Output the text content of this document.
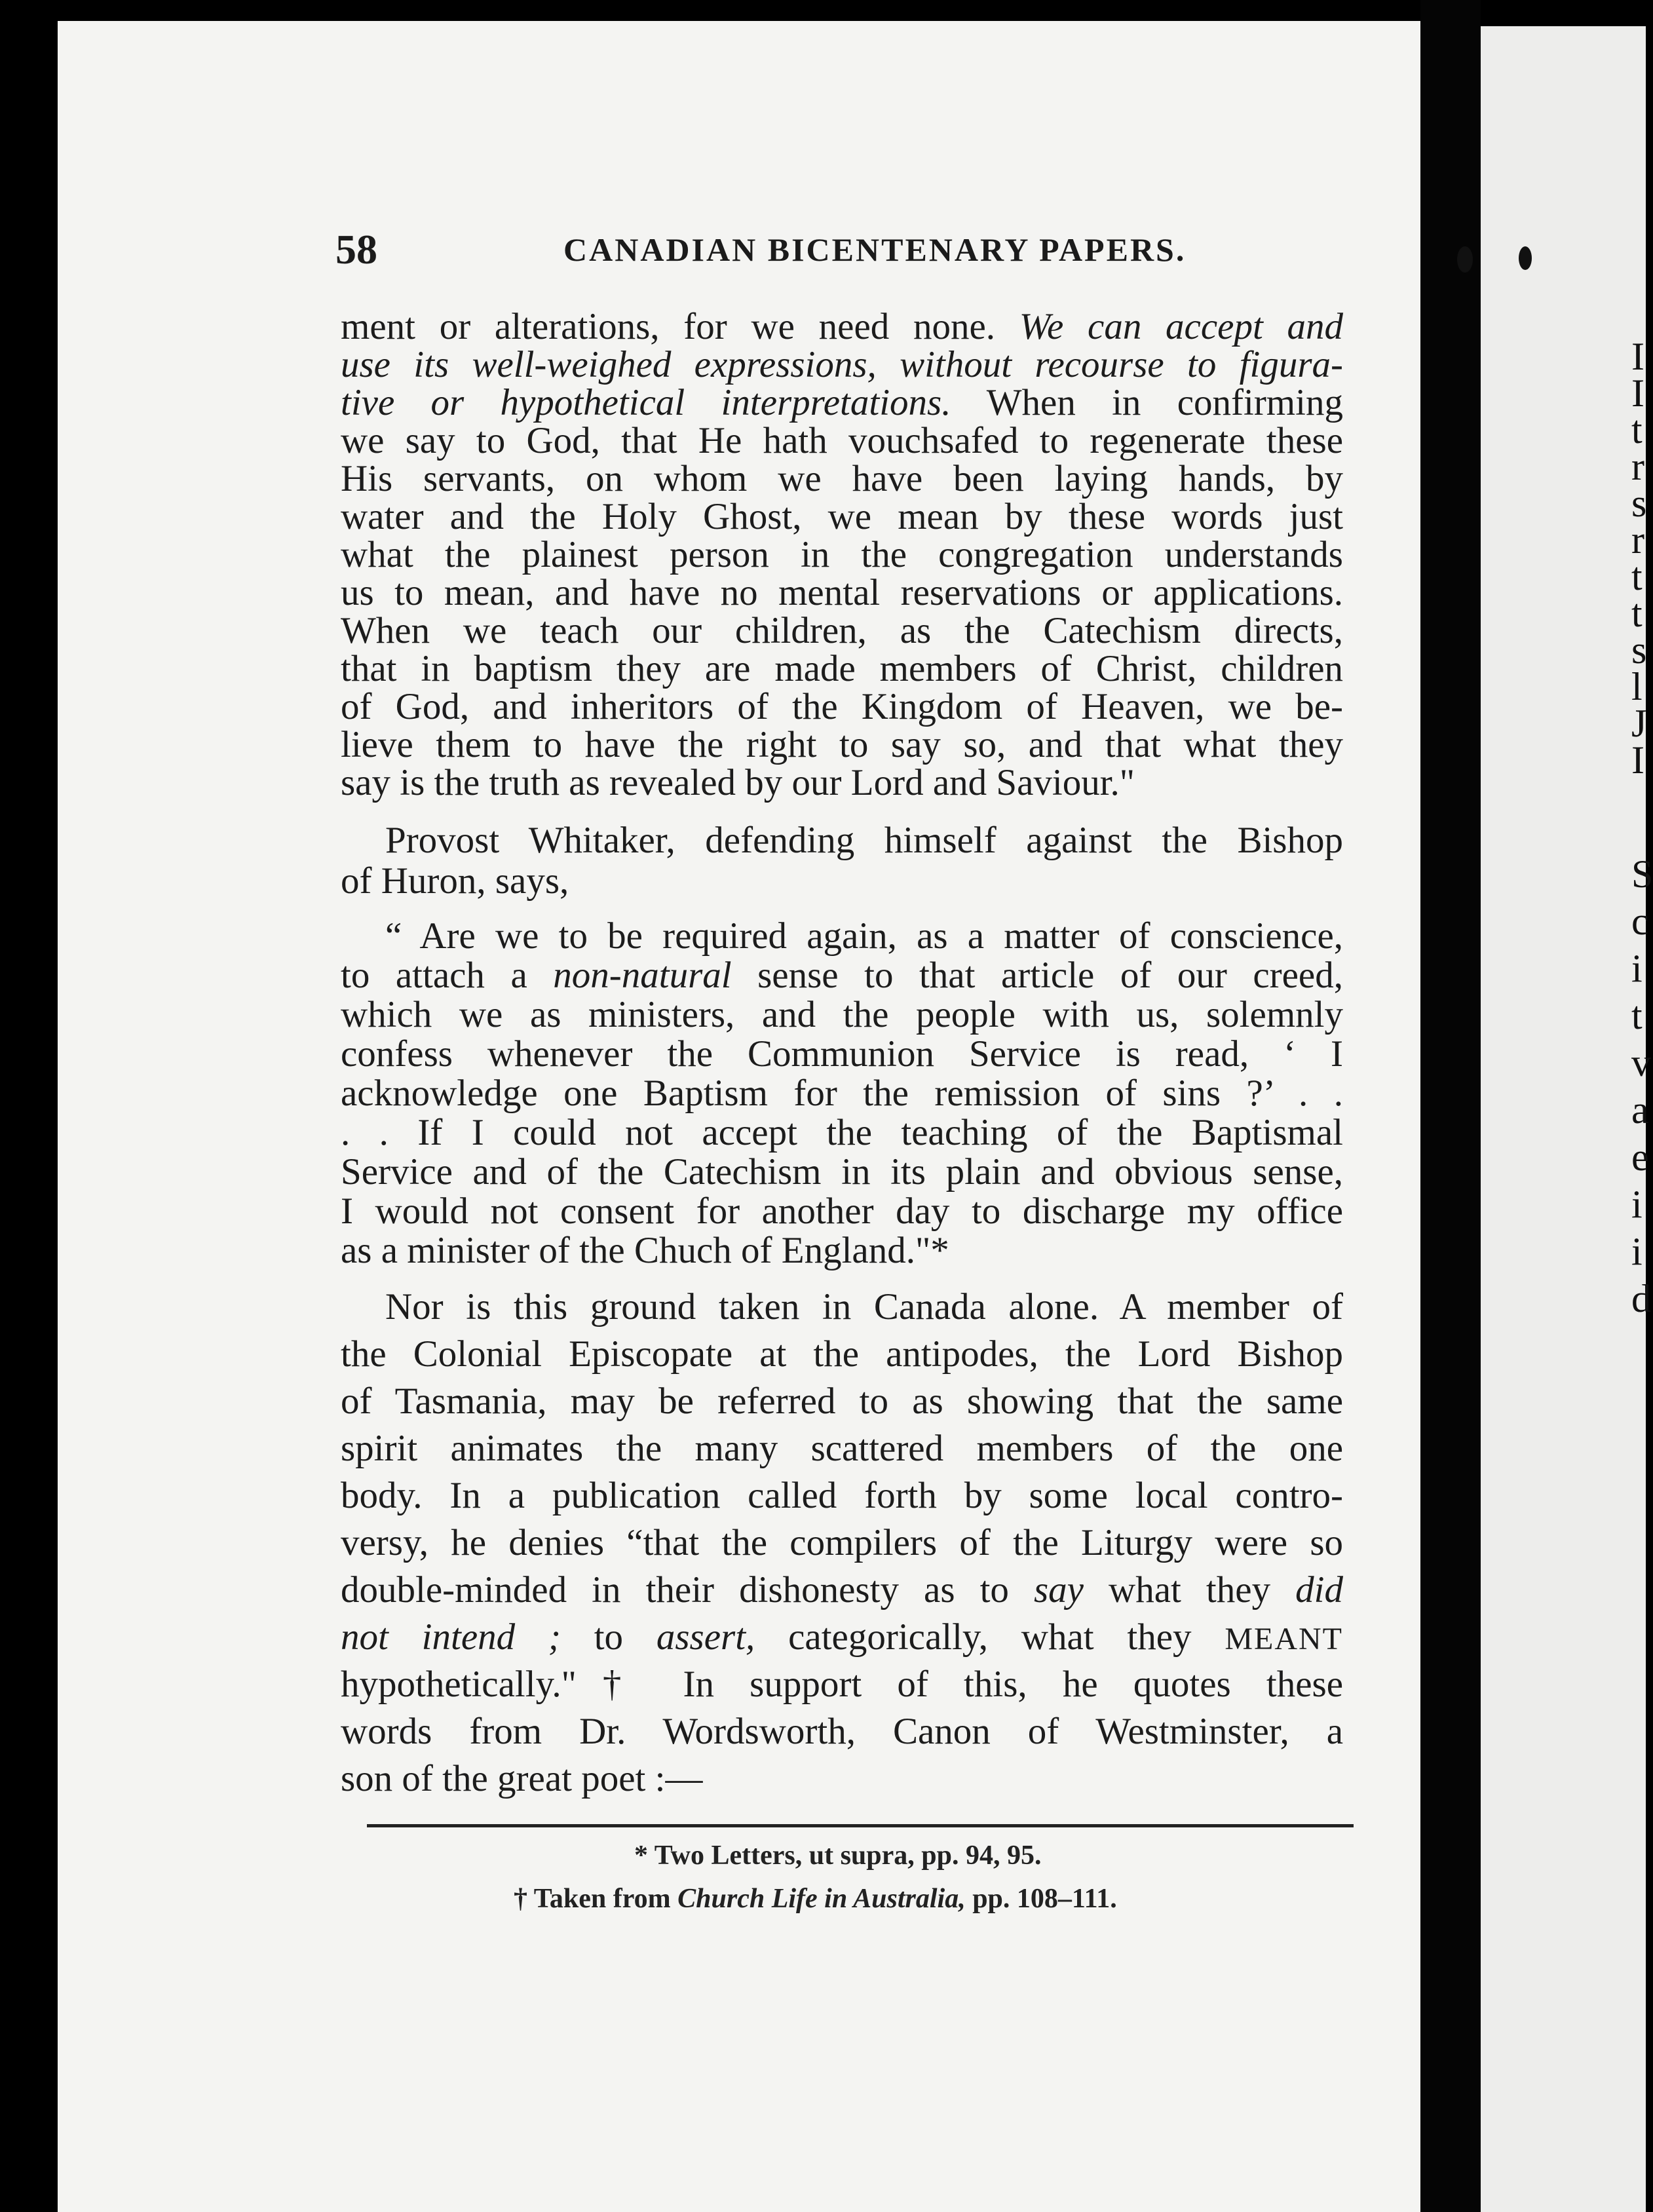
58	CANADIAN BICENTENARY PAPERS.
ment or alterations, for we need none. We can accept and
use its well-weighed expressions, without recourse to figura-
tive or hypothetical interpretations. When in confirming
we say to God, that He hath vouchsafed to regenerate these
His servants, on whom we have been laying hands, by
water and the Holy Ghost, we mean by these words just
what the plainest person in the congregation understands
us to mean, and have no mental reservations or applications.
When we teach our children, as the Catechism directs,
that in baptism they are made members of Christ, children
of God, and inheritors of the Kingdom of Heaven, we be-
lieve them to have the right to say so, and that what they
say is the truth as revealed by our Lord and Saviour."
Provost Whitaker, defending himself against the Bishop
of Huron, says,
“ Are we to be required again, as a matter of conscience,
to attach a non-natural sense to that article of our creed,
which we as ministers, and the people with us, solemnly
confess whenever the Communion Service is read, ‘ I
acknowledge one Baptism for the remission of sins ?’ . .
. . If I could not accept the teaching of the Baptismal
Service and of the Catechism in its plain and obvious sense,
I would not consent for another day to discharge my office
as a minister of the Chuch of England."*
Nor is this ground taken in Canada alone. A member of
the Colonial Episcopate at the antipodes, the Lord Bishop
of Tasmania, may be referred to as showing that the same
spirit animates the many scattered members of the one
body. In a publication called forth by some local contro-
versy, he denies “that the compilers of the Liturgy were so
double-minded in their dishonesty as to say what they did
not intend ; to assert, categorically, what they MEANT
hypothetically."† In support of this, he quotes these
words from Dr. Wordsworth, Canon of Westminster, a
son of the great poet :—
* Two Letters, ut supra, pp. 94, 95.
† Taken from Church Life in Australia, pp. 108–111.
I
I
t
r
s
r
t
t
s
l
J
I
S
c
i
t
v
a
e
i
i
d
